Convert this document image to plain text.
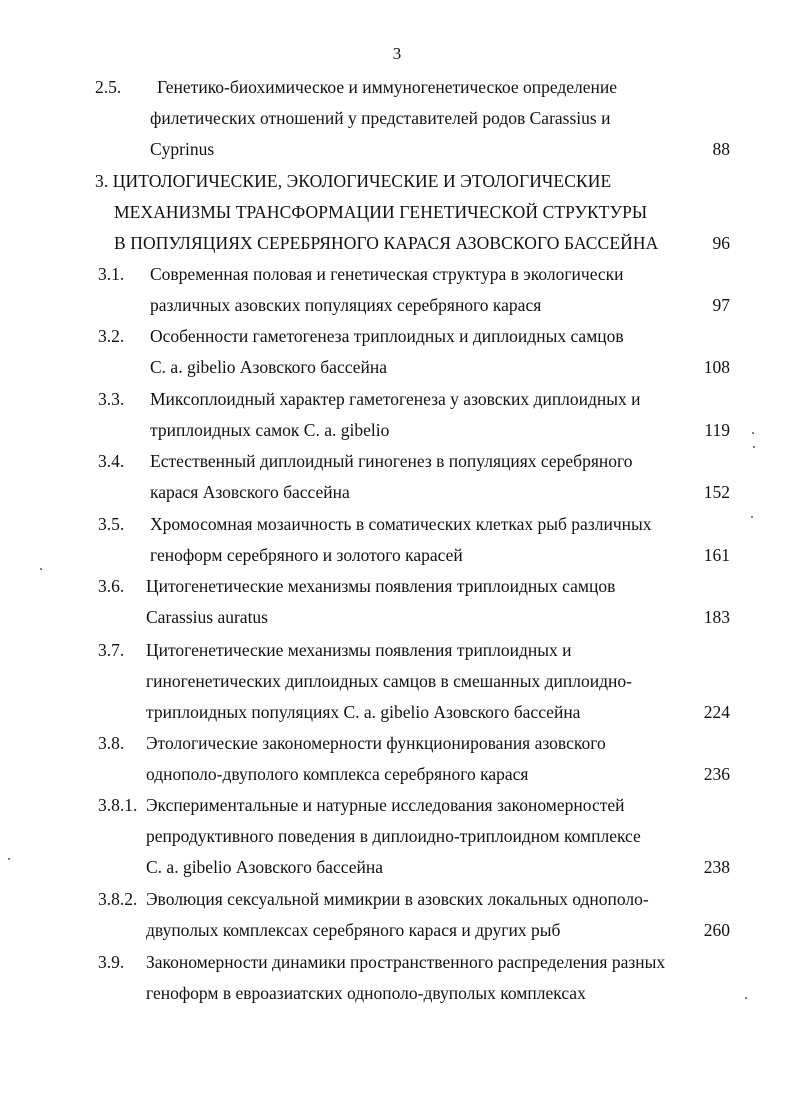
3
2.5. Генетико-биохимическое и иммуногенетическое определение
филетических отношений у представителей родов Carassius и
Cyprinus	88
3. ЦИТОЛОГИЧЕСКИЕ, ЭКОЛОГИЧЕСКИЕ И ЭТОЛОГИЧЕСКИЕ
МЕХАНИЗМЫ ТРАНСФОРМАЦИИ ГЕНЕТИЧЕСКОЙ СТРУКТУРЫ
В ПОПУЛЯЦИЯХ СЕРЕБРЯНОГО КАРАСЯ АЗОВСКОГО БАССЕЙНА	96
3.1. Современная половая и генетическая структура в экологически
различных азовских популяциях серебряного карася	97
3.2. Особенности гаметогенеза триплоидных и диплоидных самцов
C. a. gibelio Азовского бассейна	108
3.3. Миксоплоидный характер гаметогенеза у азовских диплоидных и
триплоидных самок C. a. gibelio	119
3.4. Естественный диплоидный гиногенез в популяциях серебряного
карася Азовского бассейна	152
3.5. Хромосомная мозаичность в соматических клетках рыб различных
геноформ серебряного и золотого карасей	161
3.6. Цитогенетические механизмы появления триплоидных самцов
Carassius auratus	183
3.7. Цитогенетические механизмы появления триплоидных и
гиногенетических диплоидных самцов в смешанных диплоидно-
триплоидных популяциях C. a. gibelio Азовского бассейна	224
3.8. Этологические закономерности функционирования азовского
однополо-двуполого комплекса серебряного карася	236
3.8.1. Экспериментальные и натурные исследования закономерностей
репродуктивного поведения в диплоидно-триплоидном комплексе
C. a. gibelio Азовского бассейна	238
3.8.2. Эволюция сексуальной мимикрии в азовских локальных однополо-
двуполых комплексах серебряного карася и других рыб	260
3.9. Закономерности динамики пространственного распределения разных
геноформ в евроазиатских однополо-двуполых комплексах
